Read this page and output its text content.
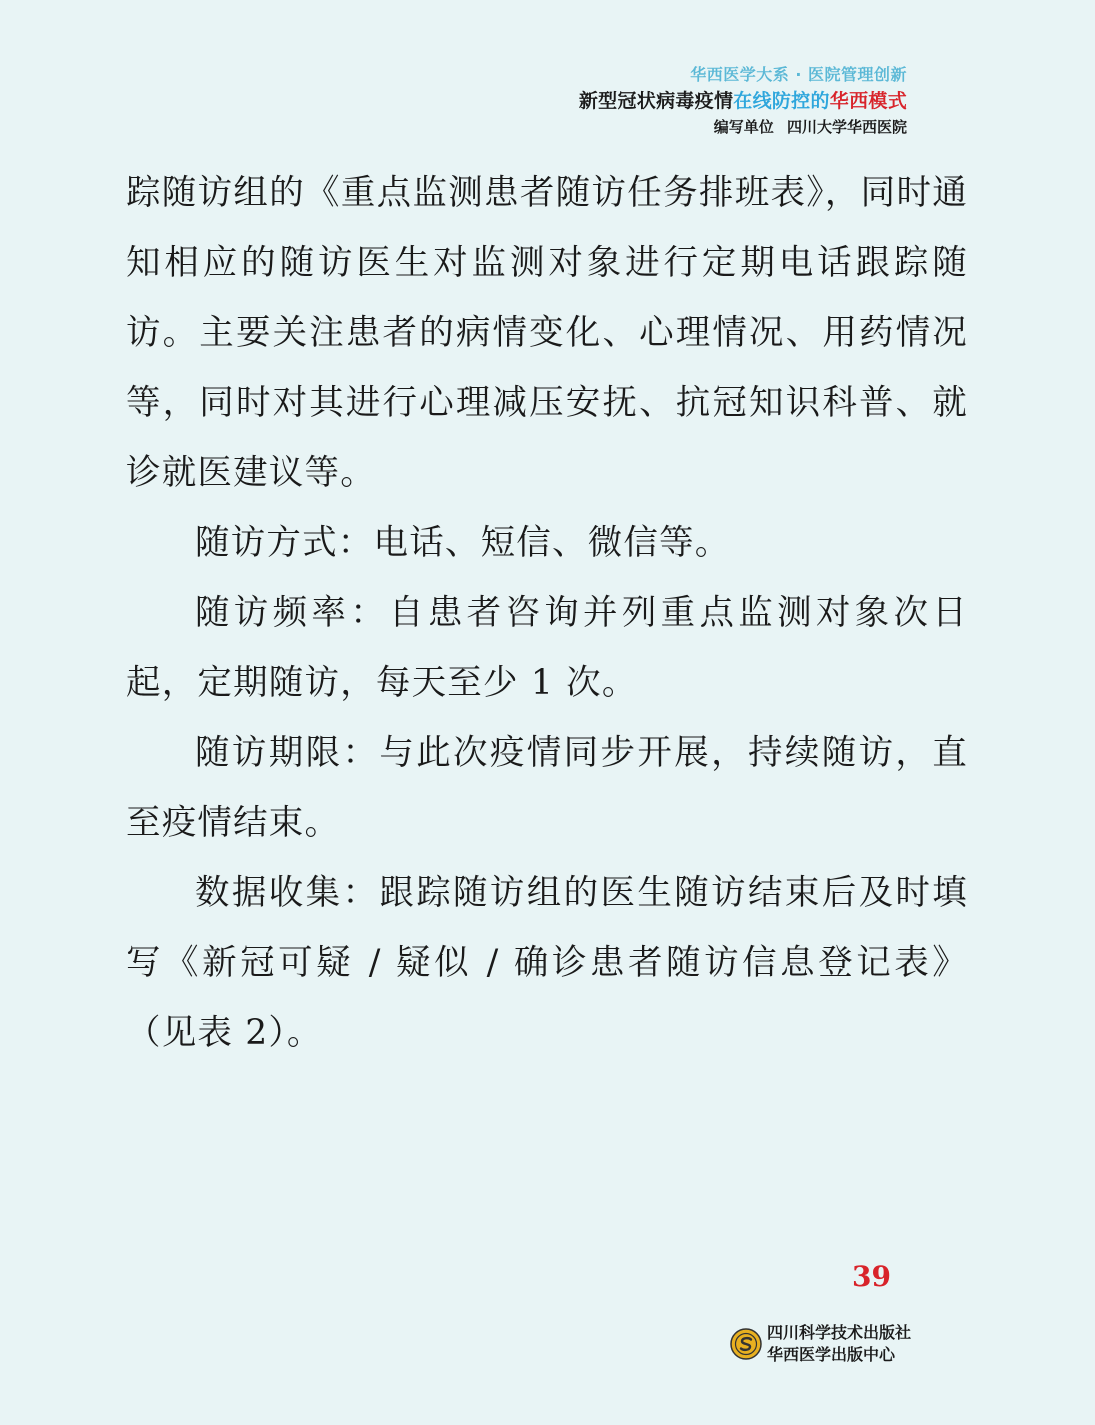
华西医学大系 · 医院管理创新
新型冠状病毒疫情在线防控的华西模式
编写单位 四川大学华西医院

踪随访组的《重点监测患者随访任务排班表》，同时通知相应的随访医生对监测对象进行定期电话跟踪随访。主要关注患者的病情变化、心理情况、用药情况等，同时对其进行心理减压安抚、抗冠知识科普、就诊就医建议等。

随访方式：电话、短信、微信等。

随访频率：自患者咨询并列重点监测对象次日起，定期随访，每天至少 1 次。

随访期限：与此次疫情同步开展，持续随访，直至疫情结束。

数据收集：跟踪随访组的医生随访结束后及时填写《新冠可疑 / 疑似 / 确诊患者随访信息登记表》（见表 2）。

39
四川科学技术出版社
华西医学出版中心
